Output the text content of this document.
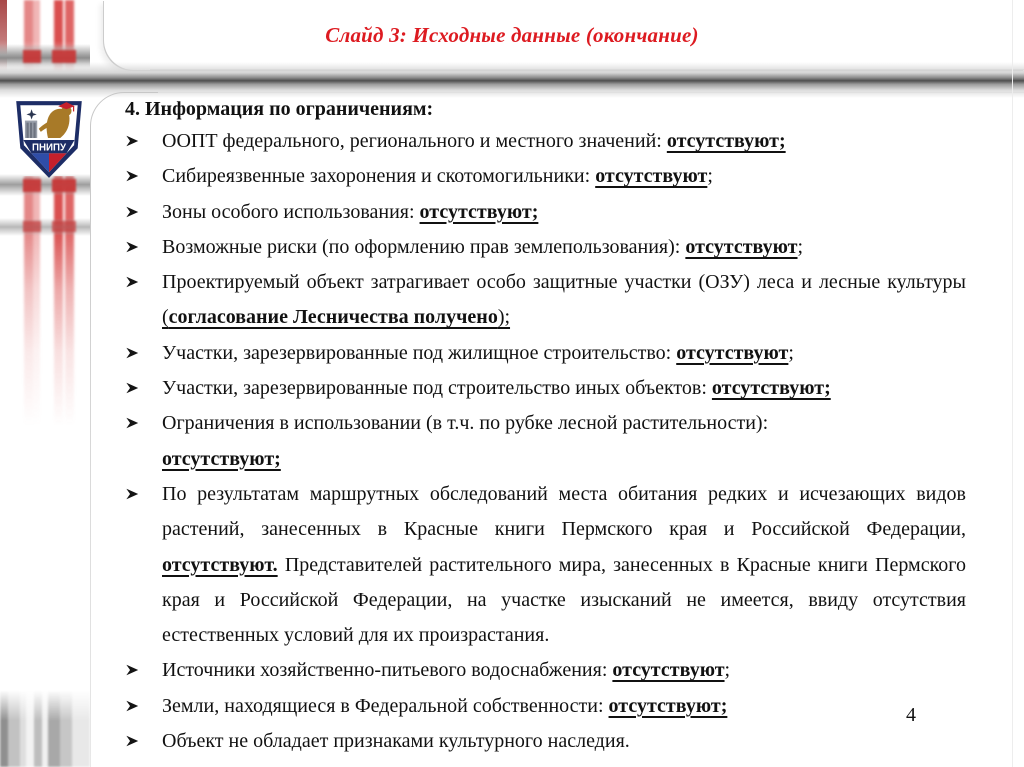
Слайд 3: Исходные данные (окончание)
ПНИПУ

4. Информация по ограничениям:

ООПТ федерального, регионального и местного значений: отсутствуют;

Сибиреязвенные захоронения и скотомогильники: отсутствуют;

Зоны особого использования: отсутствуют;

Возможные риски (по оформлению прав землепользования): отсутствуют;

Проектируемый объект затрагивает особо защитные участки (ОЗУ) леса и лесные культуры (согласование Лесничества получено);

Участки, зарезервированные под жилищное строительство: отсутствуют;

Участки, зарезервированные под строительство иных объектов: отсутствуют;

Ограничения в использовании (в т.ч. по рубке лесной растительности):
отсутствуют;

По результатам маршрутных обследований места обитания редких и исчезающих видов растений, занесенных в Красные книги Пермского края и Российской Федерации, отсутствуют. Представителей растительного мира, занесенных в Красные книги Пермского края и Российской Федерации, на участке изысканий не имеется, ввиду отсутствия естественных условий для их произрастания.

Источники хозяйственно-питьевого водоснабжения: отсутствуют;

Земли, находящиеся в Федеральной собственности: отсутствуют;

Объект не обладает признаками культурного наследия.

4
